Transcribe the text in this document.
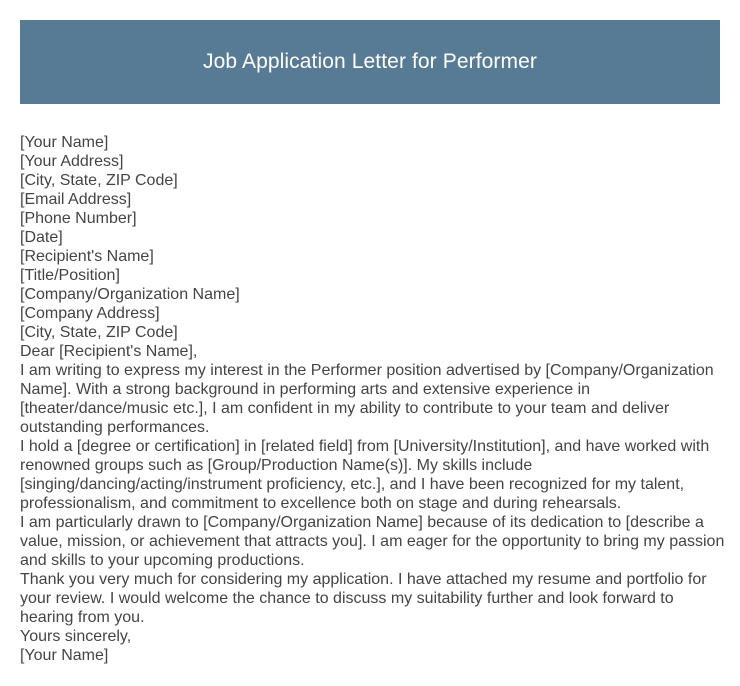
Job Application Letter for Performer
[Your Name]
[Your Address]
[City, State, ZIP Code]
[Email Address]
[Phone Number]
[Date]
[Recipient's Name]
[Title/Position]
[Company/Organization Name]
[Company Address]
[City, State, ZIP Code]
Dear [Recipient's Name],
I am writing to express my interest in the Performer position advertised by [Company/Organization Name]. With a strong background in performing arts and extensive experience in [theater/dance/music etc.], I am confident in my ability to contribute to your team and deliver outstanding performances.
I hold a [degree or certification] in [related field] from [University/Institution], and have worked with renowned groups such as [Group/Production Name(s)]. My skills include [singing/dancing/acting/instrument proficiency, etc.], and I have been recognized for my talent, professionalism, and commitment to excellence both on stage and during rehearsals.
I am particularly drawn to [Company/Organization Name] because of its dedication to [describe a value, mission, or achievement that attracts you]. I am eager for the opportunity to bring my passion and skills to your upcoming productions.
Thank you very much for considering my application. I have attached my resume and portfolio for your review. I would welcome the chance to discuss my suitability further and look forward to hearing from you.
Yours sincerely,
[Your Name]
